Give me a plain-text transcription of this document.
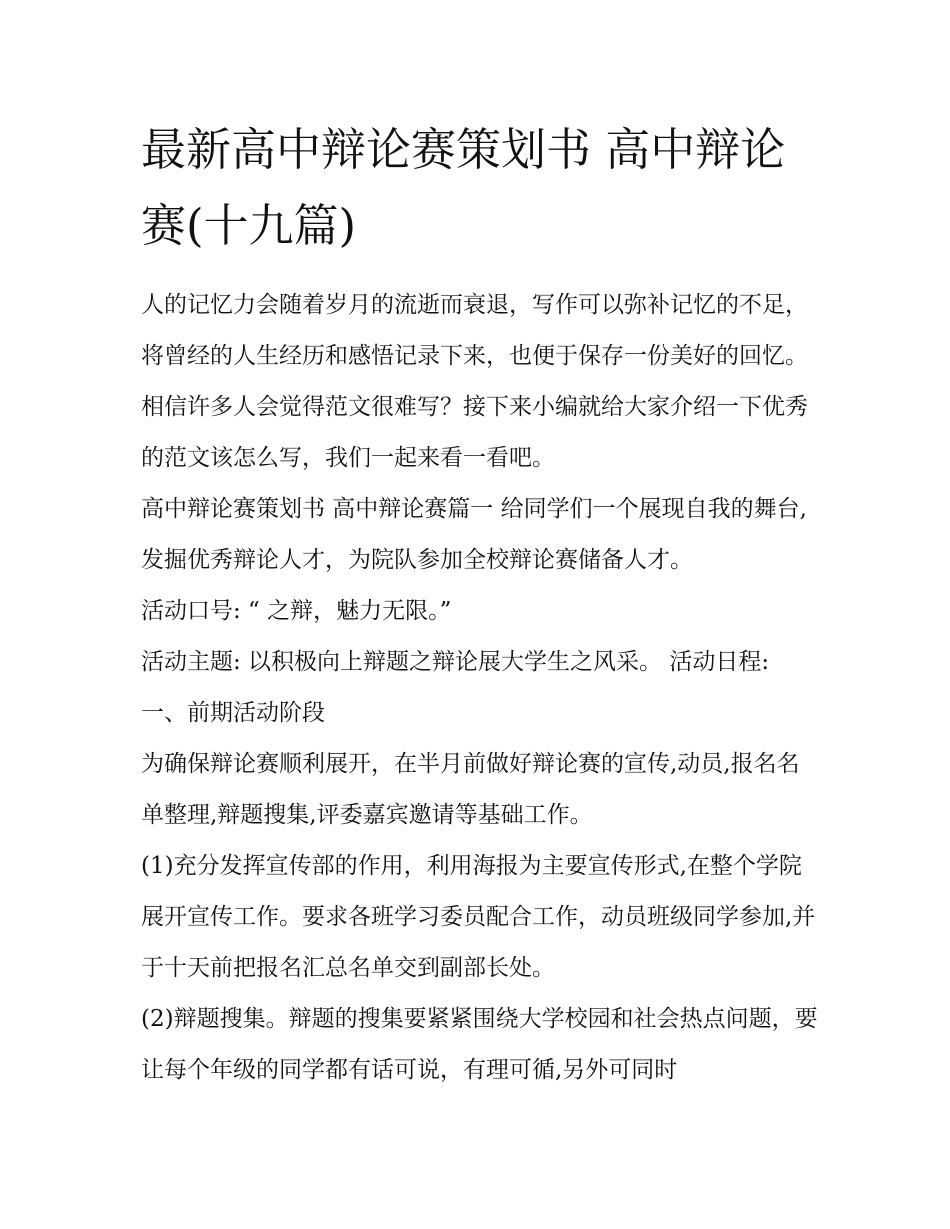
最新高中辩论赛策划书 高中辩论赛(十九篇)

人的记忆力会随着岁月的流逝而衰退，写作可以弥补记忆的不足，将曾经的人生经历和感悟记录下来，也便于保存一份美好的回忆。相信许多人会觉得范文很难写？接下来小编就给大家介绍一下优秀的范文该怎么写，我们一起来看一看吧。

高中辩论赛策划书 高中辩论赛篇一 给同学们一个展现自我的舞台,发掘优秀辩论人才，为院队参加全校辩论赛储备人才。

活动口号: “ 之辩，魅力无限。”

活动主题: 以积极向上辩题之辩论展大学生之风采。 活动日程: 一、前期活动阶段

为确保辩论赛顺利展开，在半月前做好辩论赛的宣传,动员,报名名单整理,辩题搜集,评委嘉宾邀请等基础工作。

(1)充分发挥宣传部的作用，利用海报为主要宣传形式,在整个学院展开宣传工作。要求各班学习委员配合工作，动员班级同学参加,并于十天前把报名汇总名单交到副部长处。

(2)辩题搜集。辩题的搜集要紧紧围绕大学校园和社会热点问题，要让每个年级的同学都有话可说，有理可循,另外可同时
